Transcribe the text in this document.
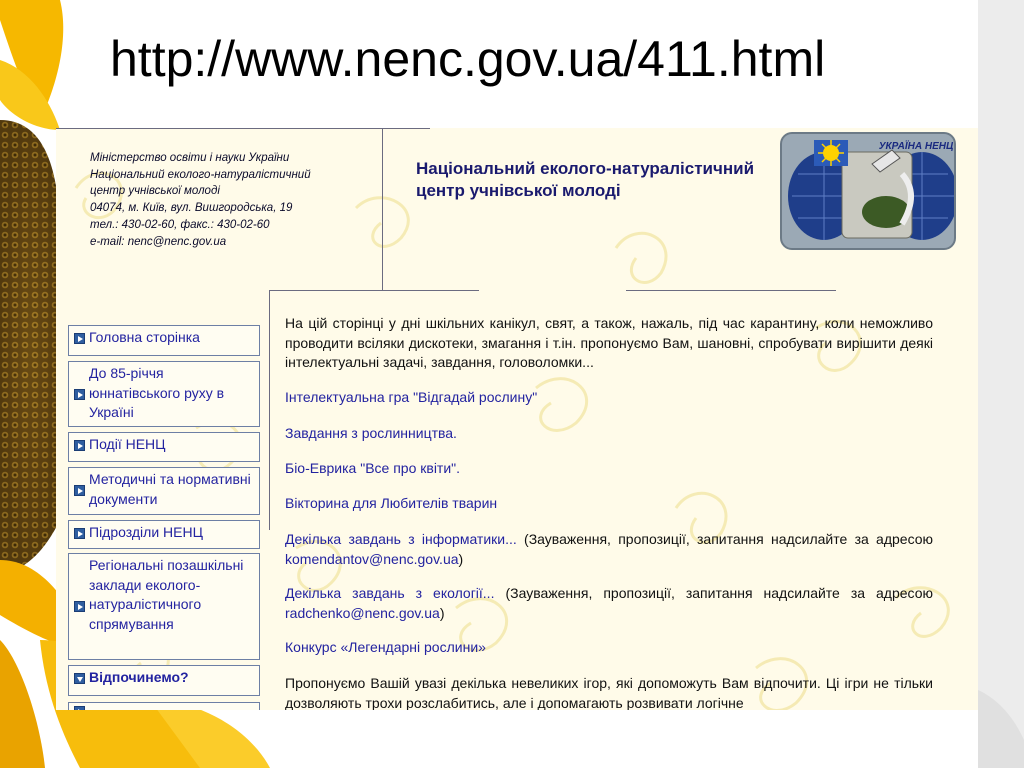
http://www.nenc.gov.ua/411.html
Міністерство освіти і науки України
Національний еколого-натуралістичний
центр учнівської молоді
04074, м. Київ, вул. Вишгородська, 19
тел.: 430-02-60, факс.: 430-02-60
e-mail: nenc@nenc.gov.ua
Національний еколого-натуралістичний центр учнівської молоді
УКРАЇНА НЕНЦ
Головна сторінка
До 85-річчя юннатівського руху в Україні
Події НЕНЦ
Методичні та нормативні документи
Підрозділи НЕНЦ
Регіональні позашкільні заклади еколого-натуралістичного спрямування
Відпочинемо?

На цій сторінці у дні шкільних канікул, свят, а також, нажаль, під час карантину, коли неможливо проводити всіляки дискотеки, змагання і т.ін. пропонуємо Вам, шановні, спробувати вирішити деякі інтелектуальні задачі, завдання, головоломки...

Інтелектуальна гра "Відгадай рослину"

Завдання з рослинництва.

Біо-Еврика "Все про квіти".

Вікторина для Любителів тварин

Декілька завдань з інформатики... (Зауваження, пропозиції, запитання надсилайте за адресою komendantov@nenc.gov.ua)

Декілька завдань з екології... (Зауваження, пропозиції, запитання надсилайте за адресою radchenko@nenc.gov.ua)

Конкурс «Легендарні рослини»

Пропонуємо Вашій увазі декілька невеликих ігор, які допоможуть Вам відпочити. Ці ігри не тільки дозволяють трохи розслабитись, але і допомагають розвивати логічне
